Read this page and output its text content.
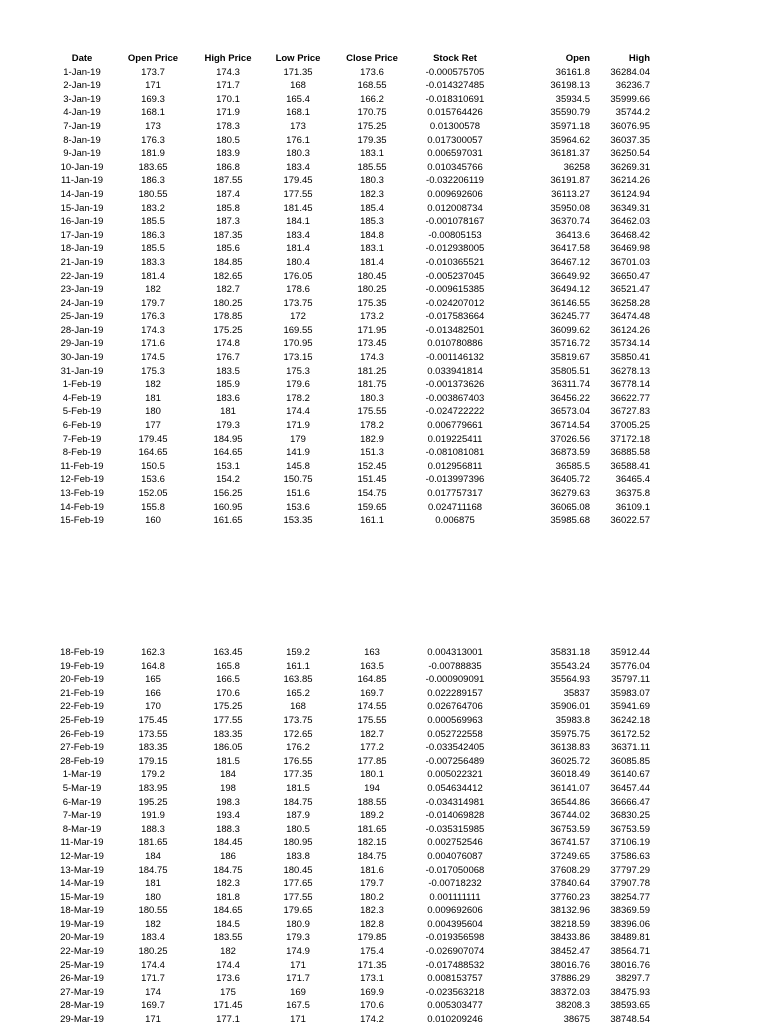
Date	Open Price	High Price	Low Price	Close Price	Stock Ret	Open	High
1-Jan-19	173.7	174.3	171.35	173.6	-0.000575705	36161.8 36284.04
2-Jan-19	171	171.7	168	168.55	-0.014327485	36198.13	36236.7
3-Jan-19	169.3	170.1	165.4	166.2	-0.018310691	35934.5 35999.66
4-Jan-19	168.1	171.9	168.1	170.75	0.015764426	35590.79	35744.2
7-Jan-19	173	178.3	173	175.25	0.01300578	35971.18 36076.95
8-Jan-19	176.3	180.5	176.1	179.35	0.017300057	35964.62 36037.35
9-Jan-19	181.9	183.9	180.3	183.1	0.006597031	36181.37 36250.54
10-Jan-19	183.65	186.8	183.4	185.55	0.010345766	36258 36269.31
11-Jan-19	186.3	187.55	179.45	180.3	-0.032206119	36191.87 36214.26
14-Jan-19	180.55	187.4	177.55	182.3	0.009692606	36113.27 36124.94
15-Jan-19	183.2	185.8	181.45	185.4	0.012008734	35950.08 36349.31
16-Jan-19	185.5	187.3	184.1	185.3	-0.001078167	36370.74 36462.03
17-Jan-19	186.3	187.35	183.4	184.8	-0.00805153	36413.6 36468.42
18-Jan-19	185.5	185.6	181.4	183.1	-0.012938005	36417.58 36469.98
21-Jan-19	183.3	184.85	180.4	181.4	-0.010365521	36467.12 36701.03
22-Jan-19	181.4	182.65	176.05	180.45	-0.005237045	36649.92 36650.47
23-Jan-19	182	182.7	178.6	180.25	-0.009615385	36494.12 36521.47
24-Jan-19	179.7	180.25	173.75	175.35	-0.024207012	36146.55 36258.28
25-Jan-19	176.3	178.85	172	173.2	-0.017583664	36245.77 36474.48
28-Jan-19	174.3	175.25	169.55	171.95	-0.013482501	36099.62 36124.26
29-Jan-19	171.6	174.8	170.95	173.45	0.010780886	35716.72 35734.14
30-Jan-19	174.5	176.7	173.15	174.3	-0.001146132	35819.67 35850.41
31-Jan-19	175.3	183.5	175.3	181.25	0.033941814	35805.51 36278.13
1-Feb-19	182	185.9	179.6	181.75	-0.001373626	36311.74 36778.14
4-Feb-19	181	183.6	178.2	180.3	-0.003867403	36456.22 36622.77
5-Feb-19	180	181	174.4	175.55	-0.024722222	36573.04 36727.83
6-Feb-19	177	179.3	171.9	178.2	0.006779661	36714.54 37005.25
7-Feb-19	179.45	184.95	179	182.9	0.019225411	37026.56 37172.18
8-Feb-19	164.65	164.65	141.9	151.3	-0.081081081	36873.59 36885.58
11-Feb-19	150.5	153.1	145.8	152.45	0.012956811	36585.5 36588.41
12-Feb-19	153.6	154.2	150.75	151.45	-0.013997396	36405.72	36465.4
13-Feb-19	152.05	156.25	151.6	154.75	0.017757317	36279.63	36375.8
14-Feb-19	155.8	160.95	153.6	159.65	0.024711168	36065.08	36109.1
15-Feb-19	160	161.65	153.35	161.1	0.006875	35985.68 36022.57
18-Feb-19	162.3	163.45	159.2	163	0.004313001	35831.18 35912.44
19-Feb-19	164.8	165.8	161.1	163.5	-0.00788835	35543.24 35776.04
20-Feb-19	165	166.5	163.85	164.85	-0.000909091	35564.93 35797.11
21-Feb-19	166	170.6	165.2	169.7	0.022289157	35837 35983.07
22-Feb-19	170	175.25	168	174.55	0.026764706	35906.01 35941.69
25-Feb-19	175.45	177.55	173.75	175.55	0.000569963	35983.8 36242.18
26-Feb-19	173.55	183.35	172.65	182.7	0.052722558	35975.75 36172.52
27-Feb-19	183.35	186.05	176.2	177.2	-0.033542405	36138.83 36371.11
28-Feb-19	179.15	181.5	176.55	177.85	-0.007256489	36025.72 36085.85
1-Mar-19	179.2	184	177.35	180.1	0.005022321	36018.49 36140.67
5-Mar-19	183.95	198	181.5	194	0.054634412	36141.07 36457.44
6-Mar-19	195.25	198.3	184.75	188.55	-0.034314981	36544.86 36666.47
7-Mar-19	191.9	193.4	187.9	189.2	-0.014069828	36744.02 36830.25
8-Mar-19	188.3	188.3	180.5	181.65	-0.035315985	36753.59 36753.59
11-Mar-19	181.65	184.45	180.95	182.15	0.002752546	36741.57 37106.19
12-Mar-19	184	186	183.8	184.75	0.004076087	37249.65 37586.63
13-Mar-19	184.75	184.75	180.45	181.6	-0.017050068	37608.29 37797.29
14-Mar-19	181	182.3	177.65	179.7	-0.00718232	37840.64 37907.78
15-Mar-19	180	181.8	177.55	180.2	0.001111111	37760.23 38254.77
18-Mar-19	180.55	184.65	179.65	182.3	0.009692606	38132.96 38369.59
19-Mar-19	182	184.5	180.9	182.8	0.004395604	38218.59 38396.06
20-Mar-19	183.4	183.55	179.3	179.85	-0.019356598	38433.86 38489.81
22-Mar-19	180.25	182	174.9	175.4	-0.026907074	38452.47 38564.71
25-Mar-19	174.4	174.4	171	171.35	-0.017488532	38016.76 38016.76
26-Mar-19	171.7	173.6	171.7	173.1	0.008153757	37886.29	38297.7
27-Mar-19	174	175	169	169.9	-0.023563218	38372.03 38475.93
28-Mar-19	169.7	171.45	167.5	170.6	0.005303477	38208.3 38593.65
29-Mar-19	171	177.1	171	174.2	0.010209246	38675 38748.54
